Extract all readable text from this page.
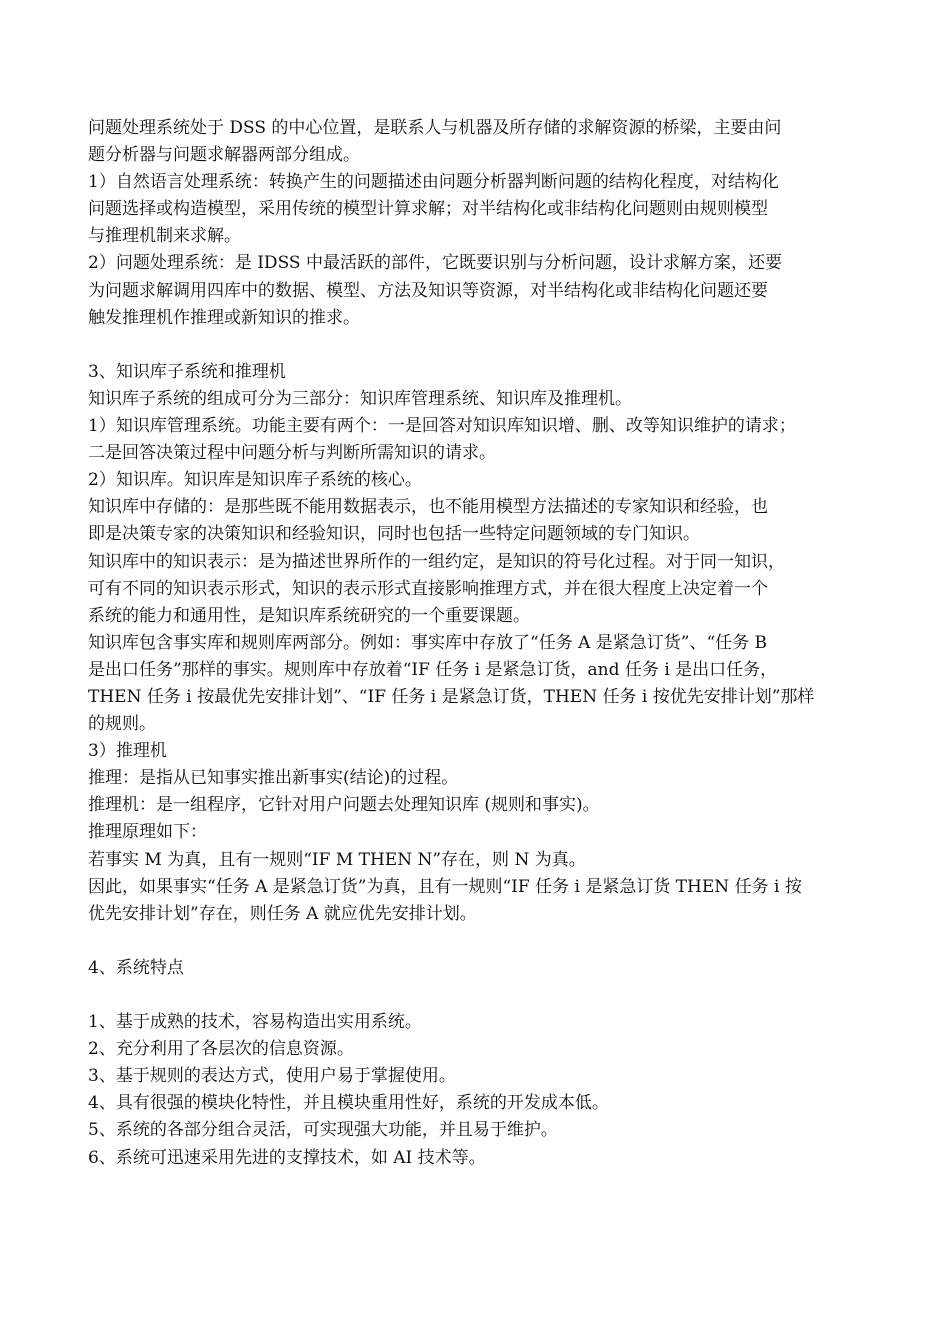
问题处理系统处于 DSS 的中心位置，是联系人与机器及所存储的求解资源的桥梁，主要由问
题分析器与问题求解器两部分组成。
1）自然语言处理系统：转换产生的问题描述由问题分析器判断问题的结构化程度，对结构化
问题选择或构造模型，采用传统的模型计算求解；对半结构化或非结构化问题则由规则模型
与推理机制来求解。
2）问题处理系统：是 IDSS 中最活跃的部件，它既要识别与分析问题，设计求解方案，还要
为问题求解调用四库中的数据、模型、方法及知识等资源，对半结构化或非结构化问题还要
触发推理机作推理或新知识的推求。
3、知识库子系统和推理机
知识库子系统的组成可分为三部分：知识库管理系统、知识库及推理机。
1）知识库管理系统。功能主要有两个：一是回答对知识库知识增、删、改等知识维护的请求；
二是回答决策过程中问题分析与判断所需知识的请求。
2）知识库。知识库是知识库子系统的核心。
知识库中存储的：是那些既不能用数据表示，也不能用模型方法描述的专家知识和经验，也
即是决策专家的决策知识和经验知识，同时也包括一些特定问题领域的专门知识。
知识库中的知识表示：是为描述世界所作的一组约定，是知识的符号化过程。对于同一知识，
可有不同的知识表示形式，知识的表示形式直接影响推理方式，并在很大程度上决定着一个
系统的能力和通用性，是知识库系统研究的一个重要课题。
知识库包含事实库和规则库两部分。例如：事实库中存放了“任务 A 是紧急订货”、“任务 B
是出口任务”那样的事实。规则库中存放着“IF 任务 i 是紧急订货，and 任务 i 是出口任务，
THEN 任务 i 按最优先安排计划”、“IF 任务 i 是紧急订货，THEN 任务 i 按优先安排计划”那样
的规则。
3）推理机
推理：是指从已知事实推出新事实(结论)的过程。
推理机：是一组程序，它针对用户问题去处理知识库 (规则和事实)。
推理原理如下：
若事实 M 为真，且有一规则“IF M THEN N”存在，则 N 为真。
因此，如果事实“任务 A 是紧急订货”为真，且有一规则“IF 任务 i 是紧急订货 THEN 任务 i 按
优先安排计划”存在，则任务 A 就应优先安排计划。
4、系统特点
1、基于成熟的技术，容易构造出实用系统。
2、充分利用了各层次的信息资源。
3、基于规则的表达方式，使用户易于掌握使用。
4、具有很强的模块化特性，并且模块重用性好，系统的开发成本低。
5、系统的各部分组合灵活，可实现强大功能，并且易于维护。
6、系统可迅速采用先进的支撑技术，如 AI 技术等。
